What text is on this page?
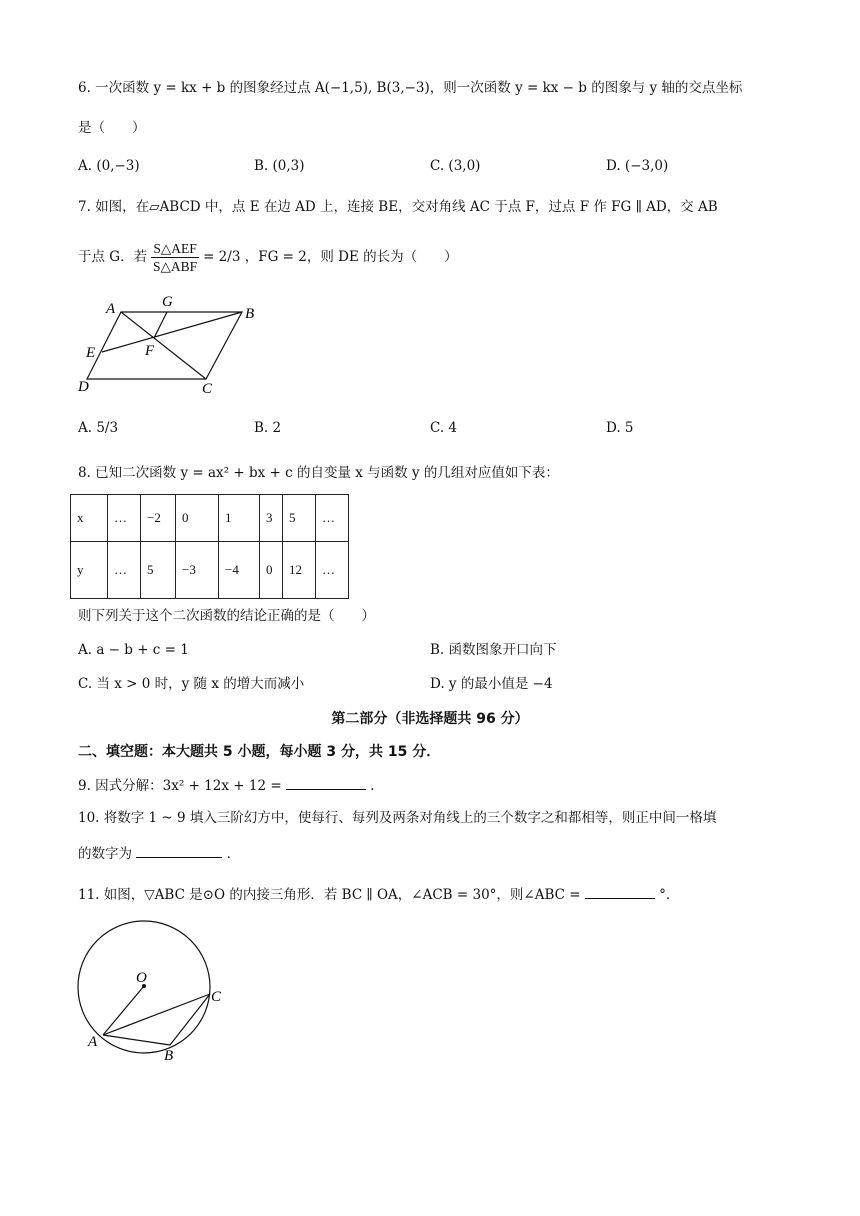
6. 一次函数 y = kx + b 的图象经过点 A(−1,5), B(3,−3)，则一次函数 y = kx − b 的图象与 y 轴的交点坐标
是（　　）
A. (0,−3)	B. (0,3)	C. (3,0)	D. (−3,0)
7. 如图，在▱ABCD 中，点 E 在边 AD 上，连接 BE，交对角线 AC 于点 F，过点 F 作 FG ∥ AD，交 AB
于点 G．若 $\frac{\text{S△AEF}}{\text{S△ABF}} = 2/3$ ，FG = 2，则 DE 的长为（　　）
A	G
B
E	F
D	C
A. 5/3	B. 2	C. 4	D. 5
8. 已知二次函数 y = ax² + bx + c 的自变量 x 与函数 y 的几组对应值如下表：
x	…	−2	0	1	3	5	…
y	…	5	−3	−4	0	12	…
则下列关于这个二次函数的结论正确的是（　　）
A. a − b + c = 1	B. 函数图象开口向下
C. 当 x > 0 时，y 随 x 的增大而减小	D. y 的最小值是 −4
第二部分（非选择题共 96 分）
二、填空题：本大题共 5 小题，每小题 3 分，共 15 分．
9. 因式分解：3x² + 12x + 12 =	．
10. 将数字 1 ~ 9 填入三阶幻方中，使每行、每列及两条对角线上的三个数字之和都相等，则正中间一格填
的数字为	．
11. 如图，▽ABC 是⊙O 的内接三角形．若 BC ∥ OA，∠ACB = 30°，则∠ABC =	°．
O
C
A
B
